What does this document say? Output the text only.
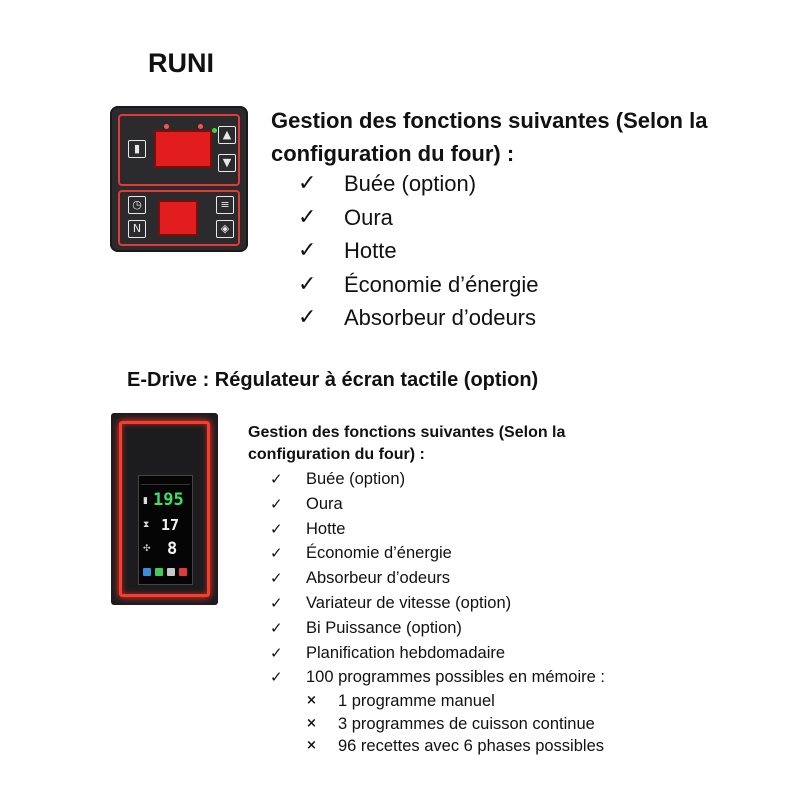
RUNI
▮
▲
▼
◷
N
≡
◈

Gestion des fonctions suivantes (Selon la configuration du four) :

✓ Buée (option)
✓ Oura
✓ Hotte
✓ Économie d’énergie
✓ Absorbeur d’odeurs
E-Drive : Régulateur à écran tactile (option)
▮ 195
⧗ 17
✣ 8

Gestion des fonctions suivantes (Selon la configuration du four) :

✓ Buée (option)
✓ Oura
✓ Hotte
✓ Économie d’énergie
✓ Absorbeur d’odeurs
✓ Variateur de vitesse (option)
✓ Bi Puissance (option)
✓ Planification hebdomadaire
✓ 100 programmes possibles en mémoire :
× 1 programme manuel
× 3 programmes de cuisson continue
× 96 recettes avec 6 phases possibles
